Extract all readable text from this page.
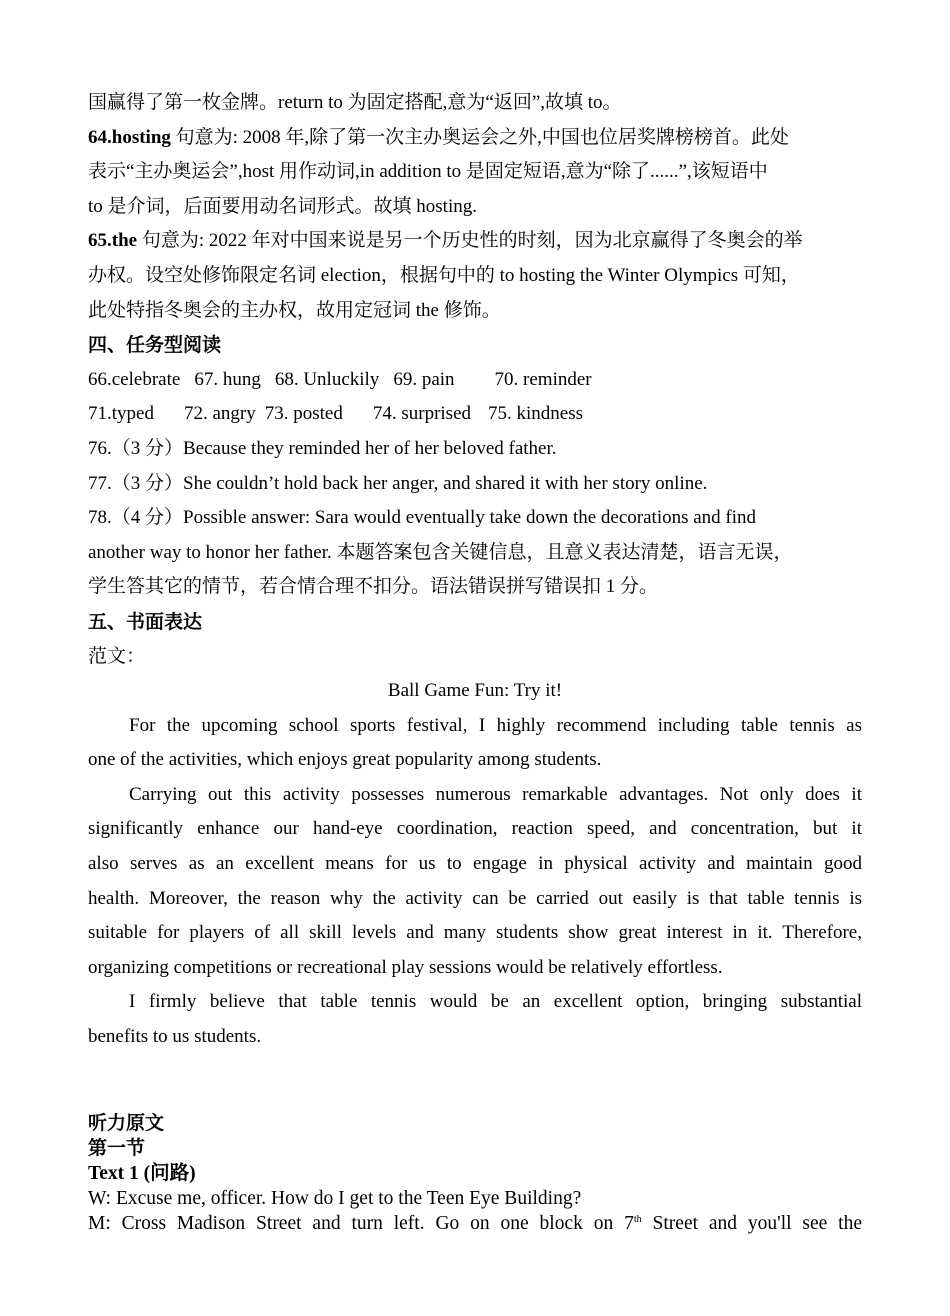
国赢得了第一枚金牌。return to 为固定搭配,意为“返回”,故填 to。
64.hosting 句意为: 2008 年,除了第一次主办奥运会之外,中国也位居奖牌榜榜首。此处
表示“主办奥运会”,host 用作动词,in addition to 是固定短语,意为“除了......”,该短语中
to 是介词，后面要用动名词形式。故填 hosting.
65.the 句意为: 2022 年对中国来说是另一个历史性的时刻，因为北京赢得了冬奥会的举
办权。设空处修饰限定名词 election，根据句中的 to hosting the Winter Olympics 可知，
此处特指冬奥会的主办权，故用定冠词 the 修饰。
四、任务型阅读
66.celebrate 67. hung 68. Unluckily 69. pain 70. reminder
71.typed 72. angry 73. posted 74. surprised 75. kindness
76.（3 分）Because they reminded her of her beloved father.
77.（3 分）She couldn’t hold back her anger, and shared it with her story online.
78.（4 分）Possible answer: Sara would eventually take down the decorations and find
another way to honor her father. 本题答案包含关键信息，且意义表达清楚，语言无误，
学生答其它的情节，若合情合理不扣分。语法错误拼写错误扣 1 分。
五、书面表达
范文：
Ball Game Fun: Try it!
For the upcoming school sports festival, I highly recommend including table tennis as
one of the activities, which enjoys great popularity among students.
Carrying out this activity possesses numerous remarkable advantages. Not only does it
significantly enhance our hand-eye coordination, reaction speed, and concentration, but it
also serves as an excellent means for us to engage in physical activity and maintain good
health. Moreover, the reason why the activity can be carried out easily is that table tennis is
suitable for players of all skill levels and many students show great interest in it. Therefore,
organizing competitions or recreational play sessions would be relatively effortless.
I firmly believe that table tennis would be an excellent option, bringing substantial
benefits to us students.
听力原文
第一节
Text 1 (问路)
W: Excuse me, officer. How do I get to the Teen Eye Building?
M: Cross Madison Street and turn left. Go on one block on 7th Street and you'll see the
